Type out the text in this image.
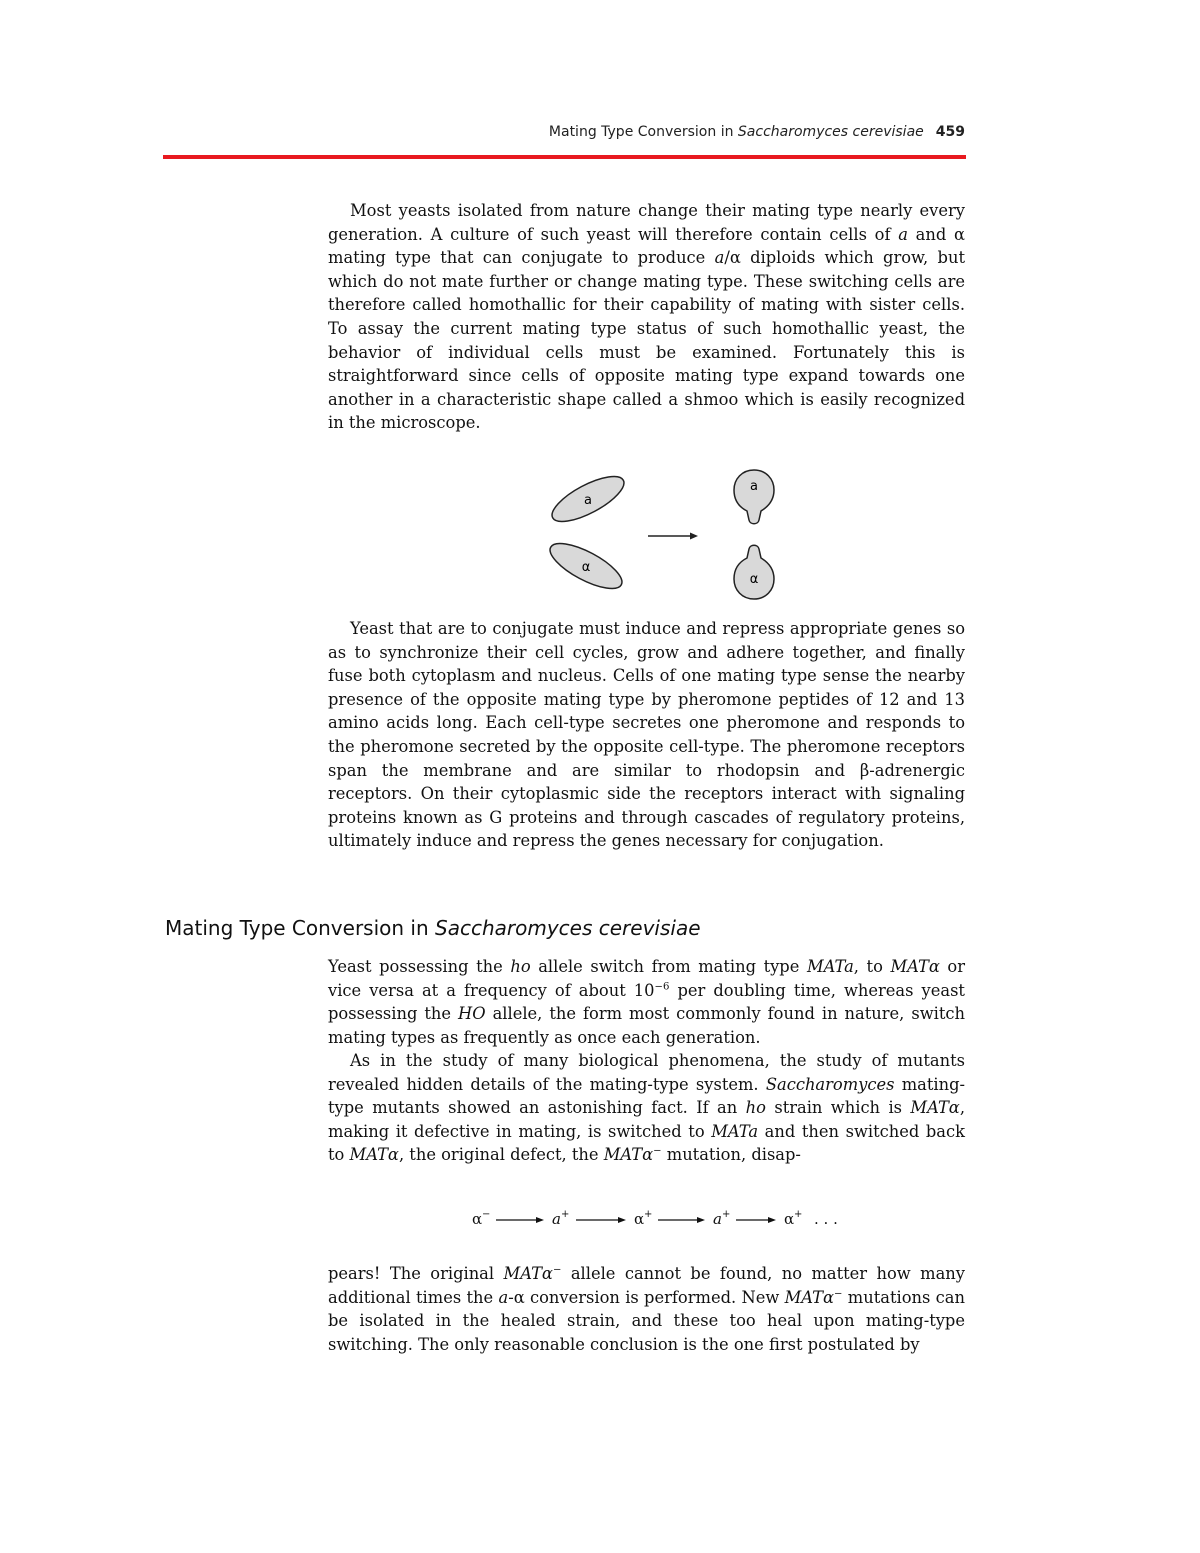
Mating Type Conversion in Saccharomyces cerevisiae 459

Most yeasts isolated from nature change their mating type nearly every generation. A culture of such yeast will therefore contain cells of a and α mating type that can conjugate to produce a/α diploids which grow, but which do not mate further or change mating type. These switching cells are therefore called homothallic for their capability of mating with sister cells. To assay the current mating type status of such homothallic yeast, the behavior of individual cells must be examined. Fortunately this is straightforward since cells of opposite mating type expand towards one another in a characteristic shape called a shmoo which is easily recognized in the microscope.

a
α
a
α

Yeast that are to conjugate must induce and repress appropriate genes so as to synchronize their cell cycles, grow and adhere together, and finally fuse both cytoplasm and nucleus. Cells of one mating type sense the nearby presence of the opposite mating type by pheromone peptides of 12 and 13 amino acids long. Each cell-type secretes one pheromone and responds to the pheromone secreted by the opposite cell-type. The pheromone receptors span the membrane and are similar to rhodopsin and β-adrenergic receptors. On their cytoplasmic side the receptors interact with signaling proteins known as G proteins and through cascades of regulatory proteins, ultimately induce and repress the genes necessary for conjugation.

Mating Type Conversion in Saccharomyces cerevisiae

Yeast possessing the ho allele switch from mating type MATa, to MATα or vice versa at a frequency of about $10^{-6}$ per doubling time, whereas yeast possessing the HO allele, the form most commonly found in nature, switch mating types as frequently as once each generation.

As in the study of many biological phenomena, the study of mutants revealed hidden details of the mating-type system. Saccharomyces mating-type mutants showed an astonishing fact. If an ho strain which is MATα, making it defective in mating, is switched to MATa and then switched back to MATα, the original defect, the MATα− mutation, disap-

α −	a +	α +	a +	α + . . .

pears! The original MATα− allele cannot be found, no matter how many additional times the a-α conversion is performed. New MATα− mutations can be isolated in the healed strain, and these too heal upon mating-type switching. The only reasonable conclusion is the one first postulated by
